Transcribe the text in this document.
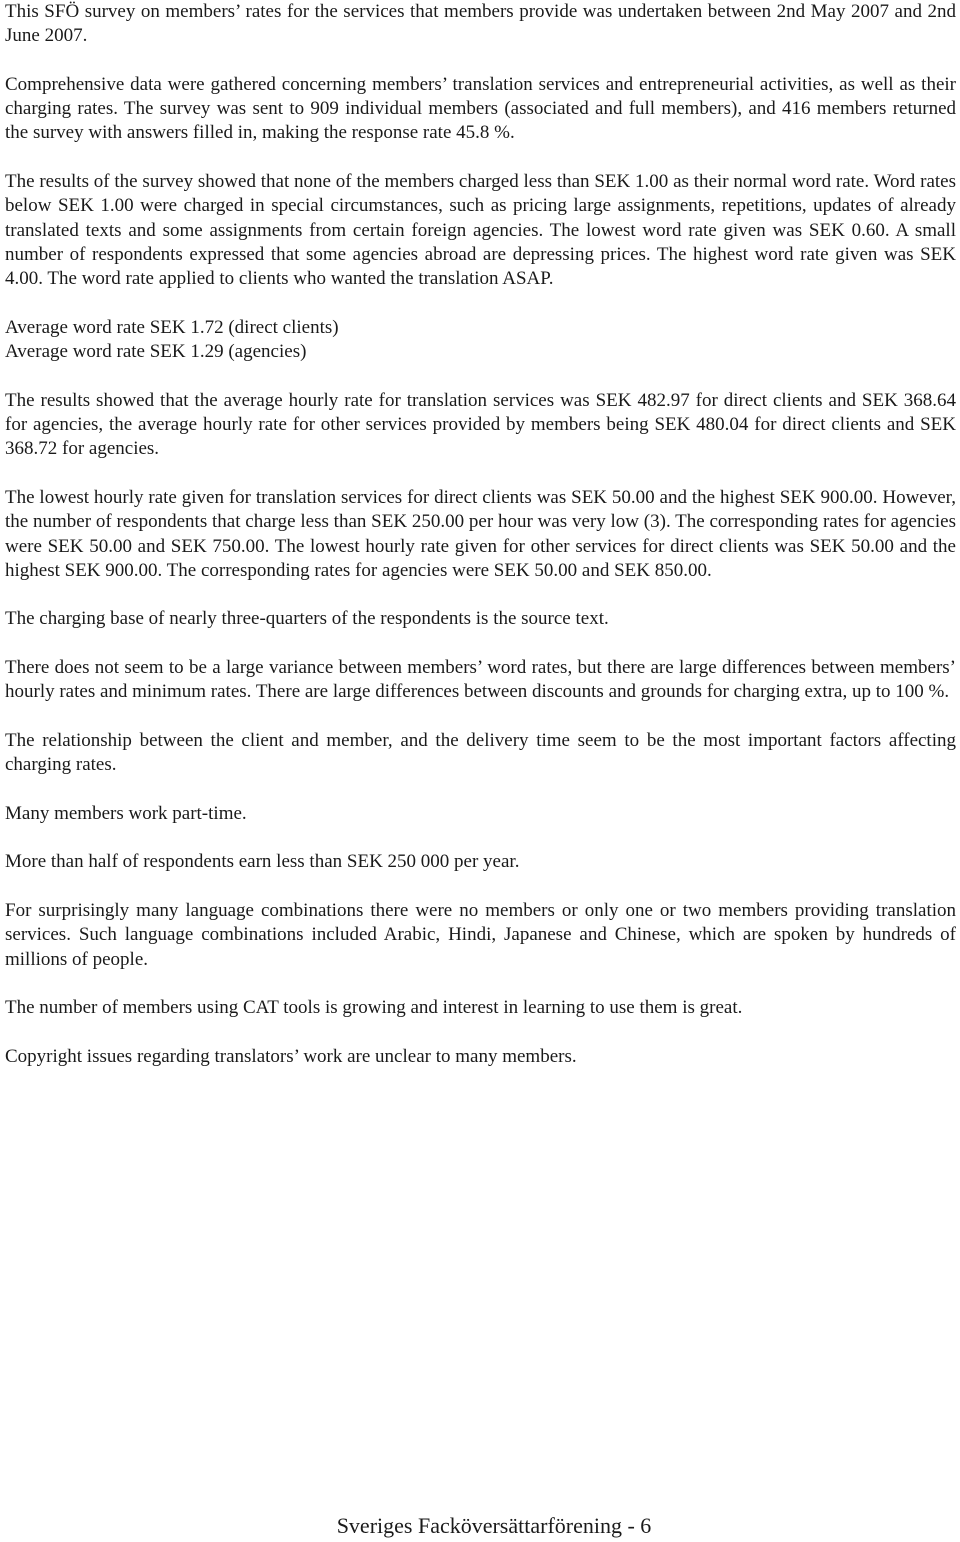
This SFÖ survey on members’ rates for the services that members provide was undertaken between 2nd May 2007 and 2nd June 2007.

Comprehensive data were gathered concerning members’ translation services and entrepreneurial activities, as well as their charging rates. The survey was sent to 909 individual members (associated and full members), and 416 members returned the survey with answers filled in, making the response rate 45.8 %.

The results of the survey showed that none of the members charged less than SEK 1.00 as their normal word rate. Word rates below SEK 1.00 were charged in special circumstances, such as pricing large assignments, repetitions, updates of already translated texts and some assignments from certain foreign agencies. The lowest word rate given was SEK 0.60. A small number of respondents expressed that some agencies abroad are depressing prices. The highest word rate given was SEK 4.00. The word rate applied to clients who wanted the translation ASAP.

Average word rate SEK 1.72 (direct clients)

Average word rate SEK 1.29 (agencies)

The results showed that the average hourly rate for translation services was SEK 482.97 for direct clients and SEK 368.64 for agencies, the average hourly rate for other services provided by members being SEK 480.04 for direct clients and SEK 368.72 for agencies.

The lowest hourly rate given for translation services for direct clients was SEK 50.00 and the highest SEK 900.00. However, the number of respondents that charge less than SEK 250.00 per hour was very low (3). The corresponding rates for agencies were SEK 50.00 and SEK 750.00. The lowest hourly rate given for other services for direct clients was SEK 50.00 and the highest SEK 900.00. The corresponding rates for agencies were SEK 50.00 and SEK 850.00.

The charging base of nearly three-quarters of the respondents is the source text.

There does not seem to be a large variance between members’ word rates, but there are large differences between members’ hourly rates and minimum rates. There are large differences between discounts and grounds for charging extra, up to 100 %.

The relationship between the client and member, and the delivery time seem to be the most important factors affecting charging rates.

Many members work part-time.

More than half of respondents earn less than SEK 250 000 per year.

For surprisingly many language combinations there were no members or only one or two members providing translation services. Such language combinations included Arabic, Hindi, Japanese and Chinese, which are spoken by hundreds of millions of people.

The number of members using CAT tools is growing and interest in learning to use them is great.

Copyright issues regarding translators’ work are unclear to many members.

Sveriges Facköversättarförening - 6
